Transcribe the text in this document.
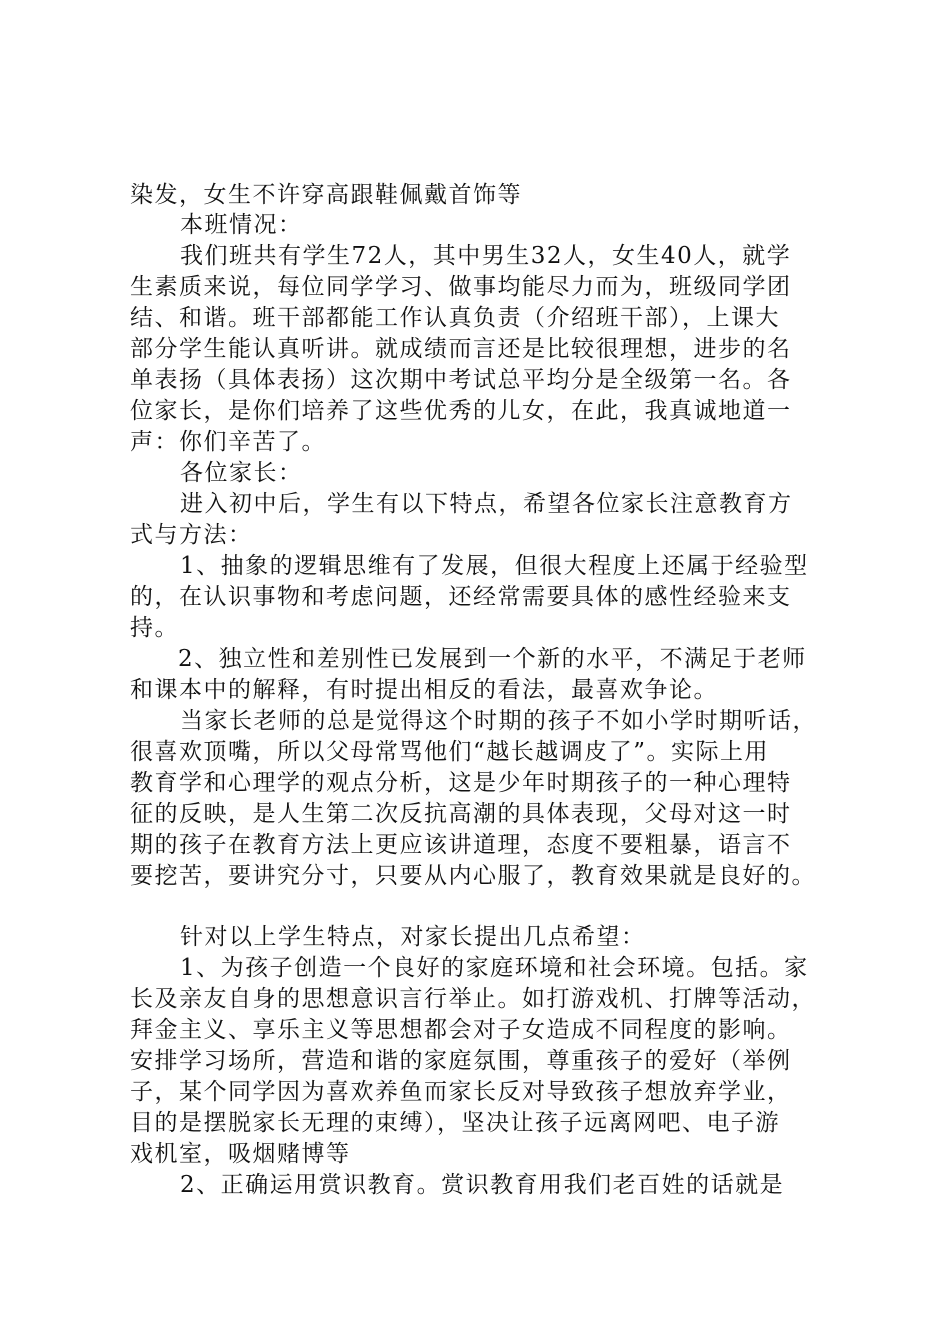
染发，女生不许穿高跟鞋佩戴首饰等
本班情况：
我们班共有学生72人，其中男生32人，女生40人，就学
生素质来说，每位同学学习、做事均能尽力而为，班级同学团
结、和谐。班干部都能工作认真负责（介绍班干部），上课大
部分学生能认真听讲。就成绩而言还是比较很理想，进步的名
单表扬（具体表扬）这次期中考试总平均分是全级第一名。各
位家长，是你们培养了这些优秀的儿女，在此，我真诚地道一
声：你们辛苦了。
各位家长：
进入初中后，学生有以下特点，希望各位家长注意教育方
式与方法：
1、抽象的逻辑思维有了发展，但很大程度上还属于经验型
的，在认识事物和考虑问题，还经常需要具体的感性经验来支
持。
2、独立性和差别性已发展到一个新的水平，不满足于老师
和课本中的解释，有时提出相反的看法，最喜欢争论。
当家长老师的总是觉得这个时期的孩子不如小学时期听话，
很喜欢顶嘴，所以父母常骂他们“越长越调皮了”。实际上用
教育学和心理学的观点分析，这是少年时期孩子的一种心理特
征的反映，是人生第二次反抗高潮的具体表现，父母对这一时
期的孩子在教育方法上更应该讲道理，态度不要粗暴，语言不
要挖苦，要讲究分寸，只要从内心服了，教育效果就是良好的。
针对以上学生特点，对家长提出几点希望：
1、为孩子创造一个良好的家庭环境和社会环境。包括。家
长及亲友自身的思想意识言行举止。如打游戏机、打牌等活动，
拜金主义、享乐主义等思想都会对子女造成不同程度的影响。
安排学习场所，营造和谐的家庭氛围，尊重孩子的爱好（举例
子，某个同学因为喜欢养鱼而家长反对导致孩子想放弃学业，
目的是摆脱家长无理的束缚），坚决让孩子远离网吧、电子游
戏机室，吸烟赌博等
2、正确运用赏识教育。赏识教育用我们老百姓的话就是
